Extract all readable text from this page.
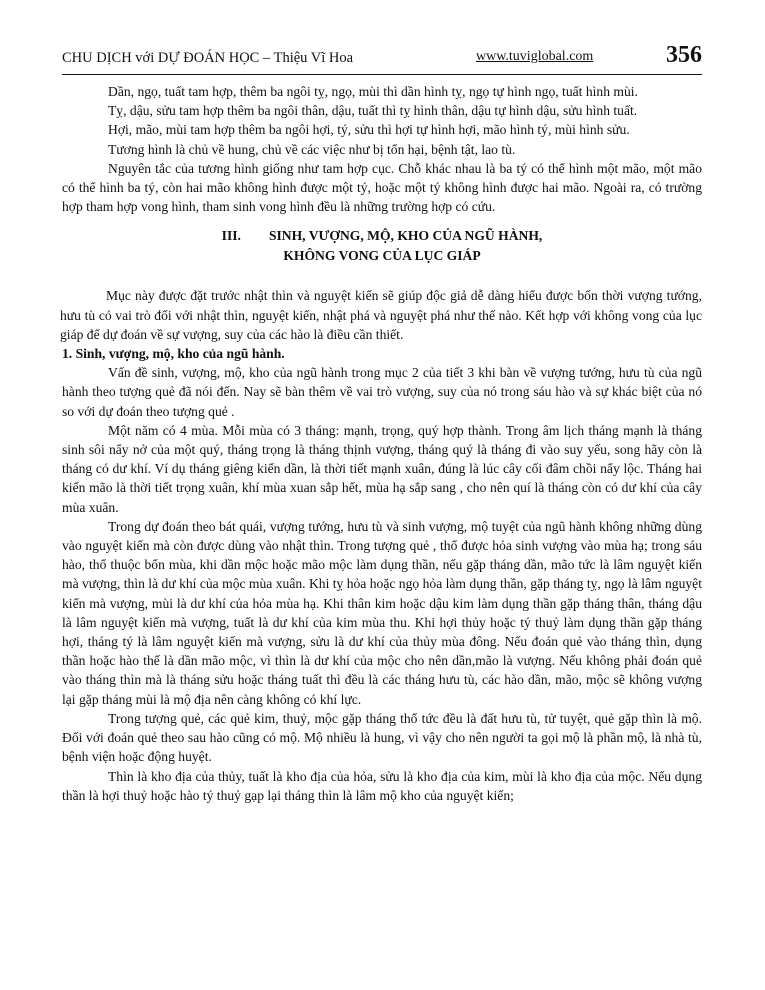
CHU DỊCH với DỰ ĐOÁN HỌC – Thiệu Vĩ Hoa	www.tuviglobal.com	356

Dần, ngọ, tuất tam hợp, thêm ba ngôi tỵ, ngọ, mùi thì dần hình tỵ, ngọ tự hình ngọ, tuất hình mùi.

Tỵ, dậu, sửu tam hợp thêm ba ngôi thân, dậu, tuất thì tỵ hình thân, dậu tự hình dậu, sửu hình tuất.

Hợi, mão, mùi tam hợp thêm ba ngôi hợi, tý, sửu thì hợi tự hình hợi, mão hình tý, mùi hình sửu.

Tương hình là chủ về hung, chủ về các việc như bị tổn hại, bệnh tật, lao tù.

Nguyên tắc của tương hình giống như tam hợp cục. Chỗ khác nhau là ba tý có thể hình một mão, một mão có thể hình ba tý, còn hai mão không hình được một tý, hoặc một tý không hình được hai mão. Ngoài ra, có trường hợp tham hợp vong hình, tham sinh vong hình đều là những trường hợp có cứu.

III. SINH, VƯỢNG, MỘ, KHO CỦA NGŨ HÀNH,
KHÔNG VONG CỦA LỤC GIÁP

Mục này được đặt trước nhật thìn và nguyệt kiến sẽ giúp độc giả dễ dàng hiểu được bốn thời vượng tướng, hưu tù có vai trò đối với nhật thìn, nguyệt kiến, nhật phá và nguyệt phá như thế nào. Kết hợp với không vong của lục giáp để dự đoán về sự vượng, suy của các hào là điều cần thiết.

1. Sinh, vượng, mộ, kho của ngũ hành.

Vấn đề sinh, vượng, mộ, kho của ngũ hành trong mục 2 của tiết 3 khi bàn về vượng tướng, hưu tù của ngũ hành theo tượng quẻ đã nói đến. Nay sẽ bàn thêm về vai trò vượng, suy của nó trong sáu hào và sự khác biệt của nó so với dự đoán theo tượng quẻ .

Một năm có 4 mùa. Mỗi mùa có 3 tháng: mạnh, trọng, quý hợp thành. Trong âm lịch tháng mạnh là tháng sinh sôi nẩy nở của một quý, tháng trọng là tháng thịnh vượng, tháng quý là tháng đi vào suy yếu, song hãy còn là tháng có dư khí. Ví dụ tháng giêng kiến dần, là thời tiết mạnh xuân, đúng là lúc cây cối đâm chồi nẩy lộc. Tháng hai kiến mão là thời tiết trọng xuân, khí mùa xuan sắp hết, mùa hạ sắp sang , cho nên quí là tháng còn có dư khí của cây mùa xuân.

Trong dự đoán theo bát quái, vượng tướng, hưu tù và sinh vượng, mộ tuyệt của ngũ hành không những dùng vào nguyệt kiến mà còn được dùng vào nhật thìn. Trong tượng quẻ , thổ được hỏa sinh vượng vào mùa hạ; trong sáu hào, thổ thuộc bốn mùa, khi dần mộc hoặc mão mộc làm dụng thần, nếu gặp tháng dần, mão tức là lâm nguyệt kiến mà vượng, thìn là dư khí của mộc mùa xuân. Khi tỵ hỏa hoặc ngọ hỏa làm dụng thần, gặp tháng tỵ, ngọ là lâm nguyệt kiến mà vượng, mùi là dư khí của hỏa mùa hạ. Khi thân kim hoặc dậu kim làm dụng thần gặp tháng thân, tháng dậu là lâm nguyệt kiến mà vượng, tuất là dư khí của kim mùa thu. Khi hợi thủy hoặc tý thuỷ làm dụng thần gặp tháng hợi, tháng tý là lâm nguyệt kiến mà vượng, sửu là dư khí của thủy mùa đông. Nếu đoán quẻ vào tháng thìn, dụng thần hoặc hào thế là dần mão mộc, vì thìn là dư khí của mộc cho nên dần,mão là vượng. Nếu không phải đoán quẻ vào tháng thìn mà là tháng sửu hoặc tháng tuất thì đều là các tháng hưu tù, các hào dần, mão, mộc sẽ không vượng lại gặp tháng mùi là mộ địa nên càng không có khí lực.

Trong tượng quẻ, các quẻ kim, thuỷ, mộc gặp tháng thổ tức đều là đất hưu tù, tử tuyệt, quẻ gặp thìn là mộ. Đối với đoán quẻ theo sau hào cũng có mộ. Mộ nhiều là hung, vì vậy cho nên người ta gọi mộ là phần mộ, là nhà tù, bệnh viện hoặc động huyệt.

Thìn là kho địa của thủy, tuất là kho địa của hỏa, sửu là kho địa của kim, mùi là kho địa của mộc. Nếu dụng thần là hợi thuỷ hoặc hào tý thuỷ gạp lại tháng thìn là lâm mộ kho của nguyệt kiến;
